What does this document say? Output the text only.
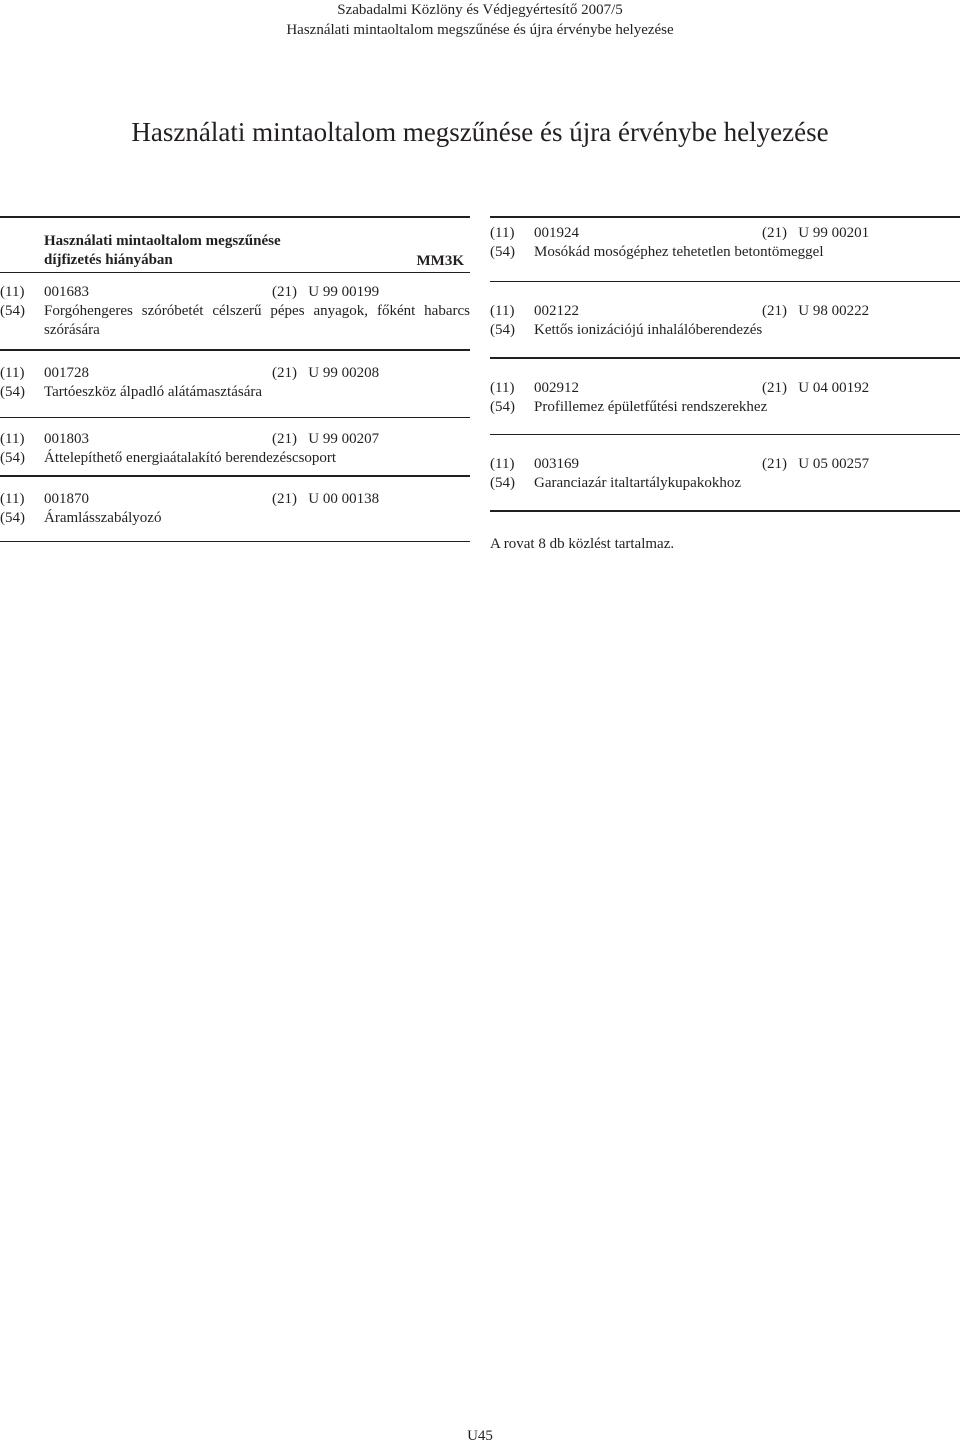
Szabadalmi Közlöny és Védjegyértesítő 2007/5
Használati mintaoltalom megszűnése és újra érvénybe helyezése
Használati mintaoltalom megszűnése és újra érvénybe helyezése
Használati mintaoltalom megszűnése
díjfizetés hiányában	MM3K
(11) 001683	(21) U 99 00199
(54) Forgóhengeres szóróbetét célszerű pépes anyagok, főként habarcs szórására
(11) 001728	(21) U 99 00208
(54) Tartóeszköz álpadló alátámasztására
(11) 001803	(21) U 99 00207
(54) Áttelepíthető energiaátalakító berendezéscsoport
(11) 001870	(21) U 00 00138
(54) Áramlásszabályozó
(11) 001924	(21) U 99 00201
(54) Mosókád mosógéphez tehetetlen betontömeggel
(11) 002122	(21) U 98 00222
(54) Kettős ionizációjú inhalálóberendezés
(11) 002912	(21) U 04 00192
(54) Profillemez épületfűtési rendszerekhez
(11) 003169	(21) U 05 00257
(54) Garanciazár italtartálykupakokhoz
A rovat 8 db közlést tartalmaz.
U45
